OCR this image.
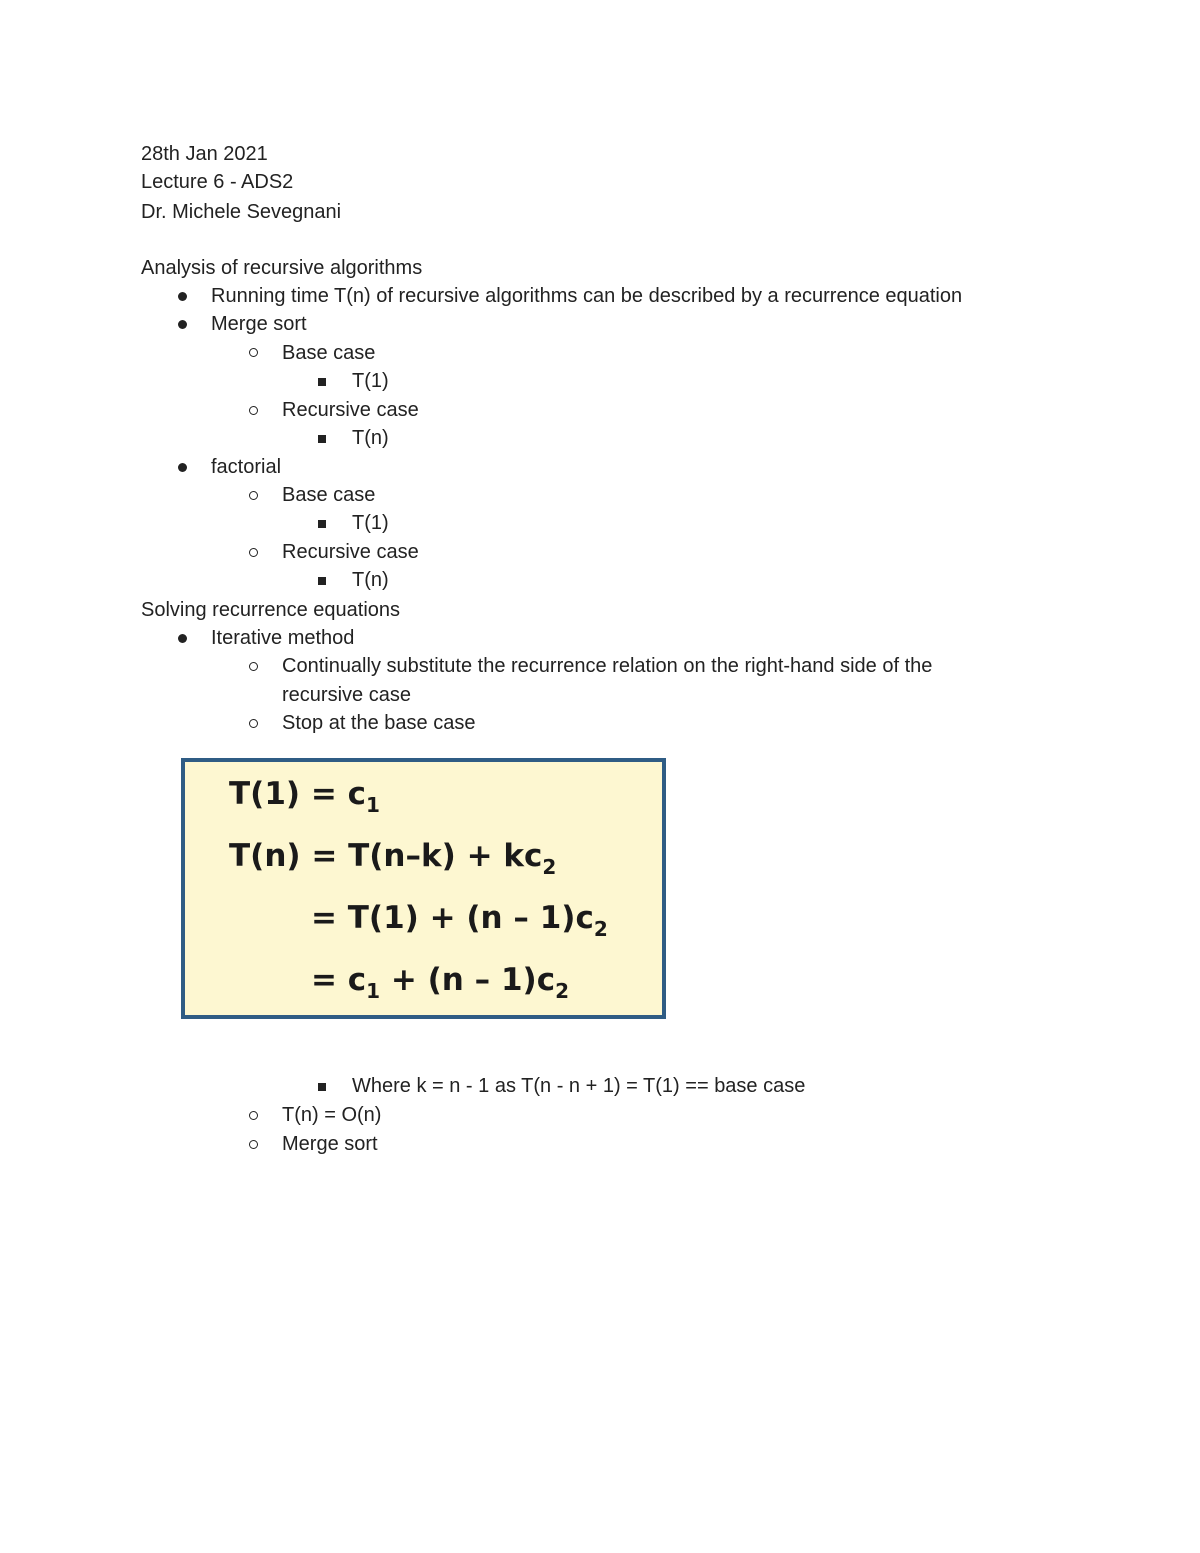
28th Jan 2021
Lecture 6 - ADS2
Dr. Michele Sevegnani
Analysis of recursive algorithms
Running time T(n) of recursive algorithms can be described by a recurrence equation
Merge sort
Base case
T(1)
Recursive case
T(n)
factorial
Base case
T(1)
Recursive case
T(n)
Solving recurrence equations
Iterative method
Continually substitute the recurrence relation on the right-hand side of the
recursive case
Stop at the base case
$T(1) = c_1$
$T(n) = T(n-k) + kc_2$
= $T(1) + (n - 1)c_2$
= $c_1 + (n - 1)c_2$
Where k = n - 1 as T(n - n + 1) = T(1) == base case
T(n) = O(n)
Merge sort
